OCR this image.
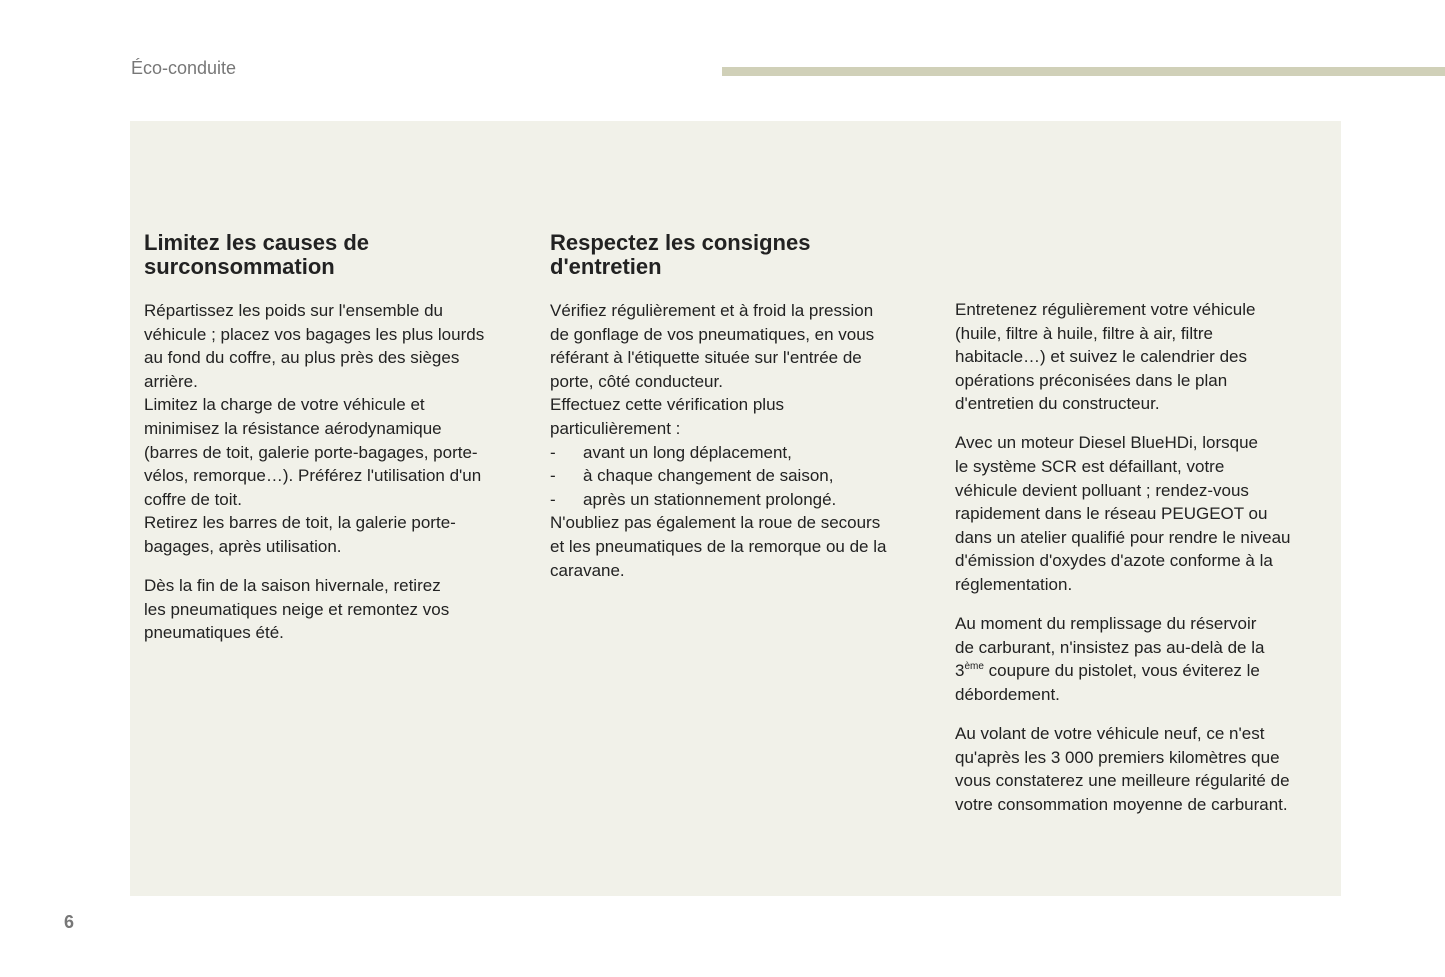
Éco-conduite
Limitez les causes de
surconsommation

Répartissez les poids sur l'ensemble du
véhicule ; placez vos bagages les plus lourds
au fond du coffre, au plus près des sièges
arrière.
Limitez la charge de votre véhicule et
minimisez la résistance aérodynamique
(barres de toit, galerie porte-bagages, porte-
vélos, remorque…). Préférez l'utilisation d'un
coffre de toit.
Retirez les barres de toit, la galerie porte-
bagages, après utilisation.

Dès la fin de la saison hivernale, retirez
les pneumatiques neige et remontez vos
pneumatiques été.

Respectez les consignes
d'entretien

Vérifiez régulièrement et à froid la pression
de gonflage de vos pneumatiques, en vous
référant à l'étiquette située sur l'entrée de
porte, côté conducteur.
Effectuez cette vérification plus
particulièrement :

-	avant un long déplacement,
-	à chaque changement de saison,
-	après un stationnement prolongé.

N'oubliez pas également la roue de secours
et les pneumatiques de la remorque ou de la
caravane.

Entretenez régulièrement votre véhicule
(huile, filtre à huile, filtre à air, filtre
habitacle…) et suivez le calendrier des
opérations préconisées dans le plan
d'entretien du constructeur.

Avec un moteur Diesel BlueHDi, lorsque
le système SCR est défaillant, votre
véhicule devient polluant ; rendez-vous
rapidement dans le réseau PEUGEOT ou
dans un atelier qualifié pour rendre le niveau
d'émission d'oxydes d'azote conforme à la
réglementation.

Au moment du remplissage du réservoir
de carburant, n'insistez pas au-delà de la
3ème coupure du pistolet, vous éviterez le
débordement.

Au volant de votre véhicule neuf, ce n'est
qu'après les 3 000 premiers kilomètres que
vous constaterez une meilleure régularité de
votre consommation moyenne de carburant.

6
